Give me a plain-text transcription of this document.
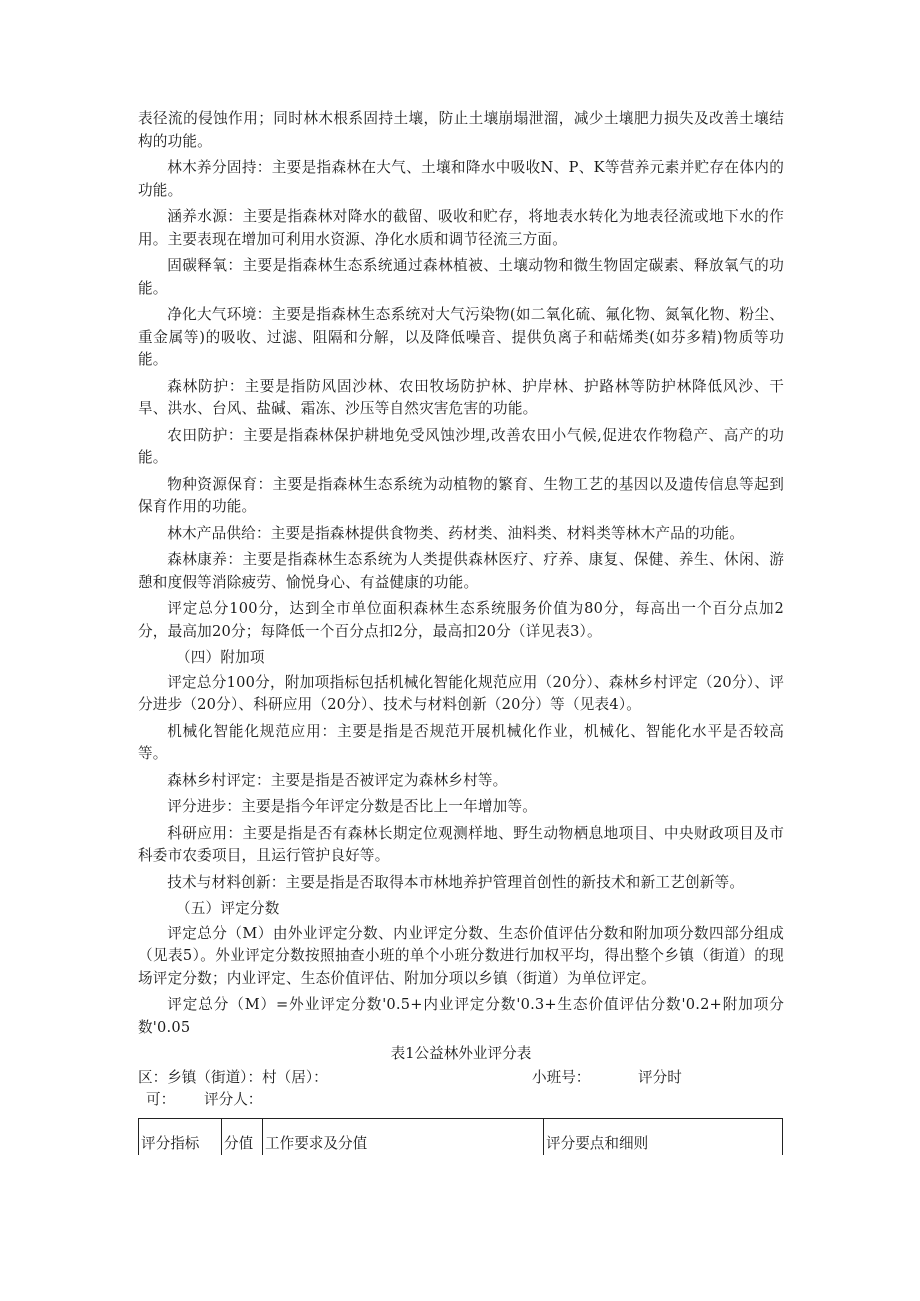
表径流的侵蚀作用；同时林木根系固持土壤，防止土壤崩塌泄溜，减少土壤肥力损失及改善土壤结构的功能。

林木养分固持：主要是指森林在大气、土壤和降水中吸收N、P、K等营养元素并贮存在体内的功能。

涵养水源：主要是指森林对降水的截留、吸收和贮存，将地表水转化为地表径流或地下水的作用。主要表现在增加可利用水资源、净化水质和调节径流三方面。

固碳释氧：主要是指森林生态系统通过森林植被、土壤动物和微生物固定碳素、释放氧气的功能。

净化大气环境：主要是指森林生态系统对大气污染物(如二氧化硫、氟化物、氮氧化物、粉尘、重金属等)的吸收、过滤、阻隔和分解，以及降低噪音、提供负离子和萜烯类(如芬多精)物质等功能。

森林防护：主要是指防风固沙林、农田牧场防护林、护岸林、护路林等防护林降低风沙、干旱、洪水、台风、盐碱、霜冻、沙压等自然灾害危害的功能。

农田防护：主要是指森林保护耕地免受风蚀沙埋,改善农田小气候,促进农作物稳产、高产的功能。

物种资源保育：主要是指森林生态系统为动植物的繁育、生物工艺的基因以及遗传信息等起到保育作用的功能。

林木产品供给：主要是指森林提供食物类、药材类、油料类、材料类等林木产品的功能。

森林康养：主要是指森林生态系统为人类提供森林医疗、疗养、康复、保健、养生、休闲、游憩和度假等消除疲劳、愉悦身心、有益健康的功能。

评定总分100分，达到全市单位面积森林生态系统服务价值为80分，每高出一个百分点加2分，最高加20分；每降低一个百分点扣2分，最高扣20分（详见表3）。

（四）附加项

评定总分100分，附加项指标包括机械化智能化规范应用（20分）、森林乡村评定（20分）、评分进步（20分）、科研应用（20分）、技术与材料创新（20分）等（见表4）。

机械化智能化规范应用：主要是指是否规范开展机械化作业，机械化、智能化水平是否较高等。

森林乡村评定：主要是指是否被评定为森林乡村等。

评分进步：主要是指今年评定分数是否比上一年增加等。

科研应用：主要是指是否有森林长期定位观测样地、野生动物栖息地项目、中央财政项目及市科委市农委项目，且运行管护良好等。

技术与材料创新：主要是指是否取得本市林地养护管理首创性的新技术和新工艺创新等。

（五）评定分数

评定总分（M）由外业评定分数、内业评定分数、生态价值评估分数和附加项分数四部分组成（见表5）。外业评定分数按照抽查小班的单个小班分数进行加权平均，得出整个乡镇（街道）的现场评定分数；内业评定、生态价值评估、附加分项以乡镇（街道）为单位评定。

评定总分（M）=外业评定分数'0.5+内业评定分数'0.3+生态价值评估分数'0.2+附加项分数'0.05

表1公益林外业评分表
区：乡镇（街道）：村（居）：	小班号：	评分时
可： 评分人：
评分指标	分值	工作要求及分值	评分要点和细则
